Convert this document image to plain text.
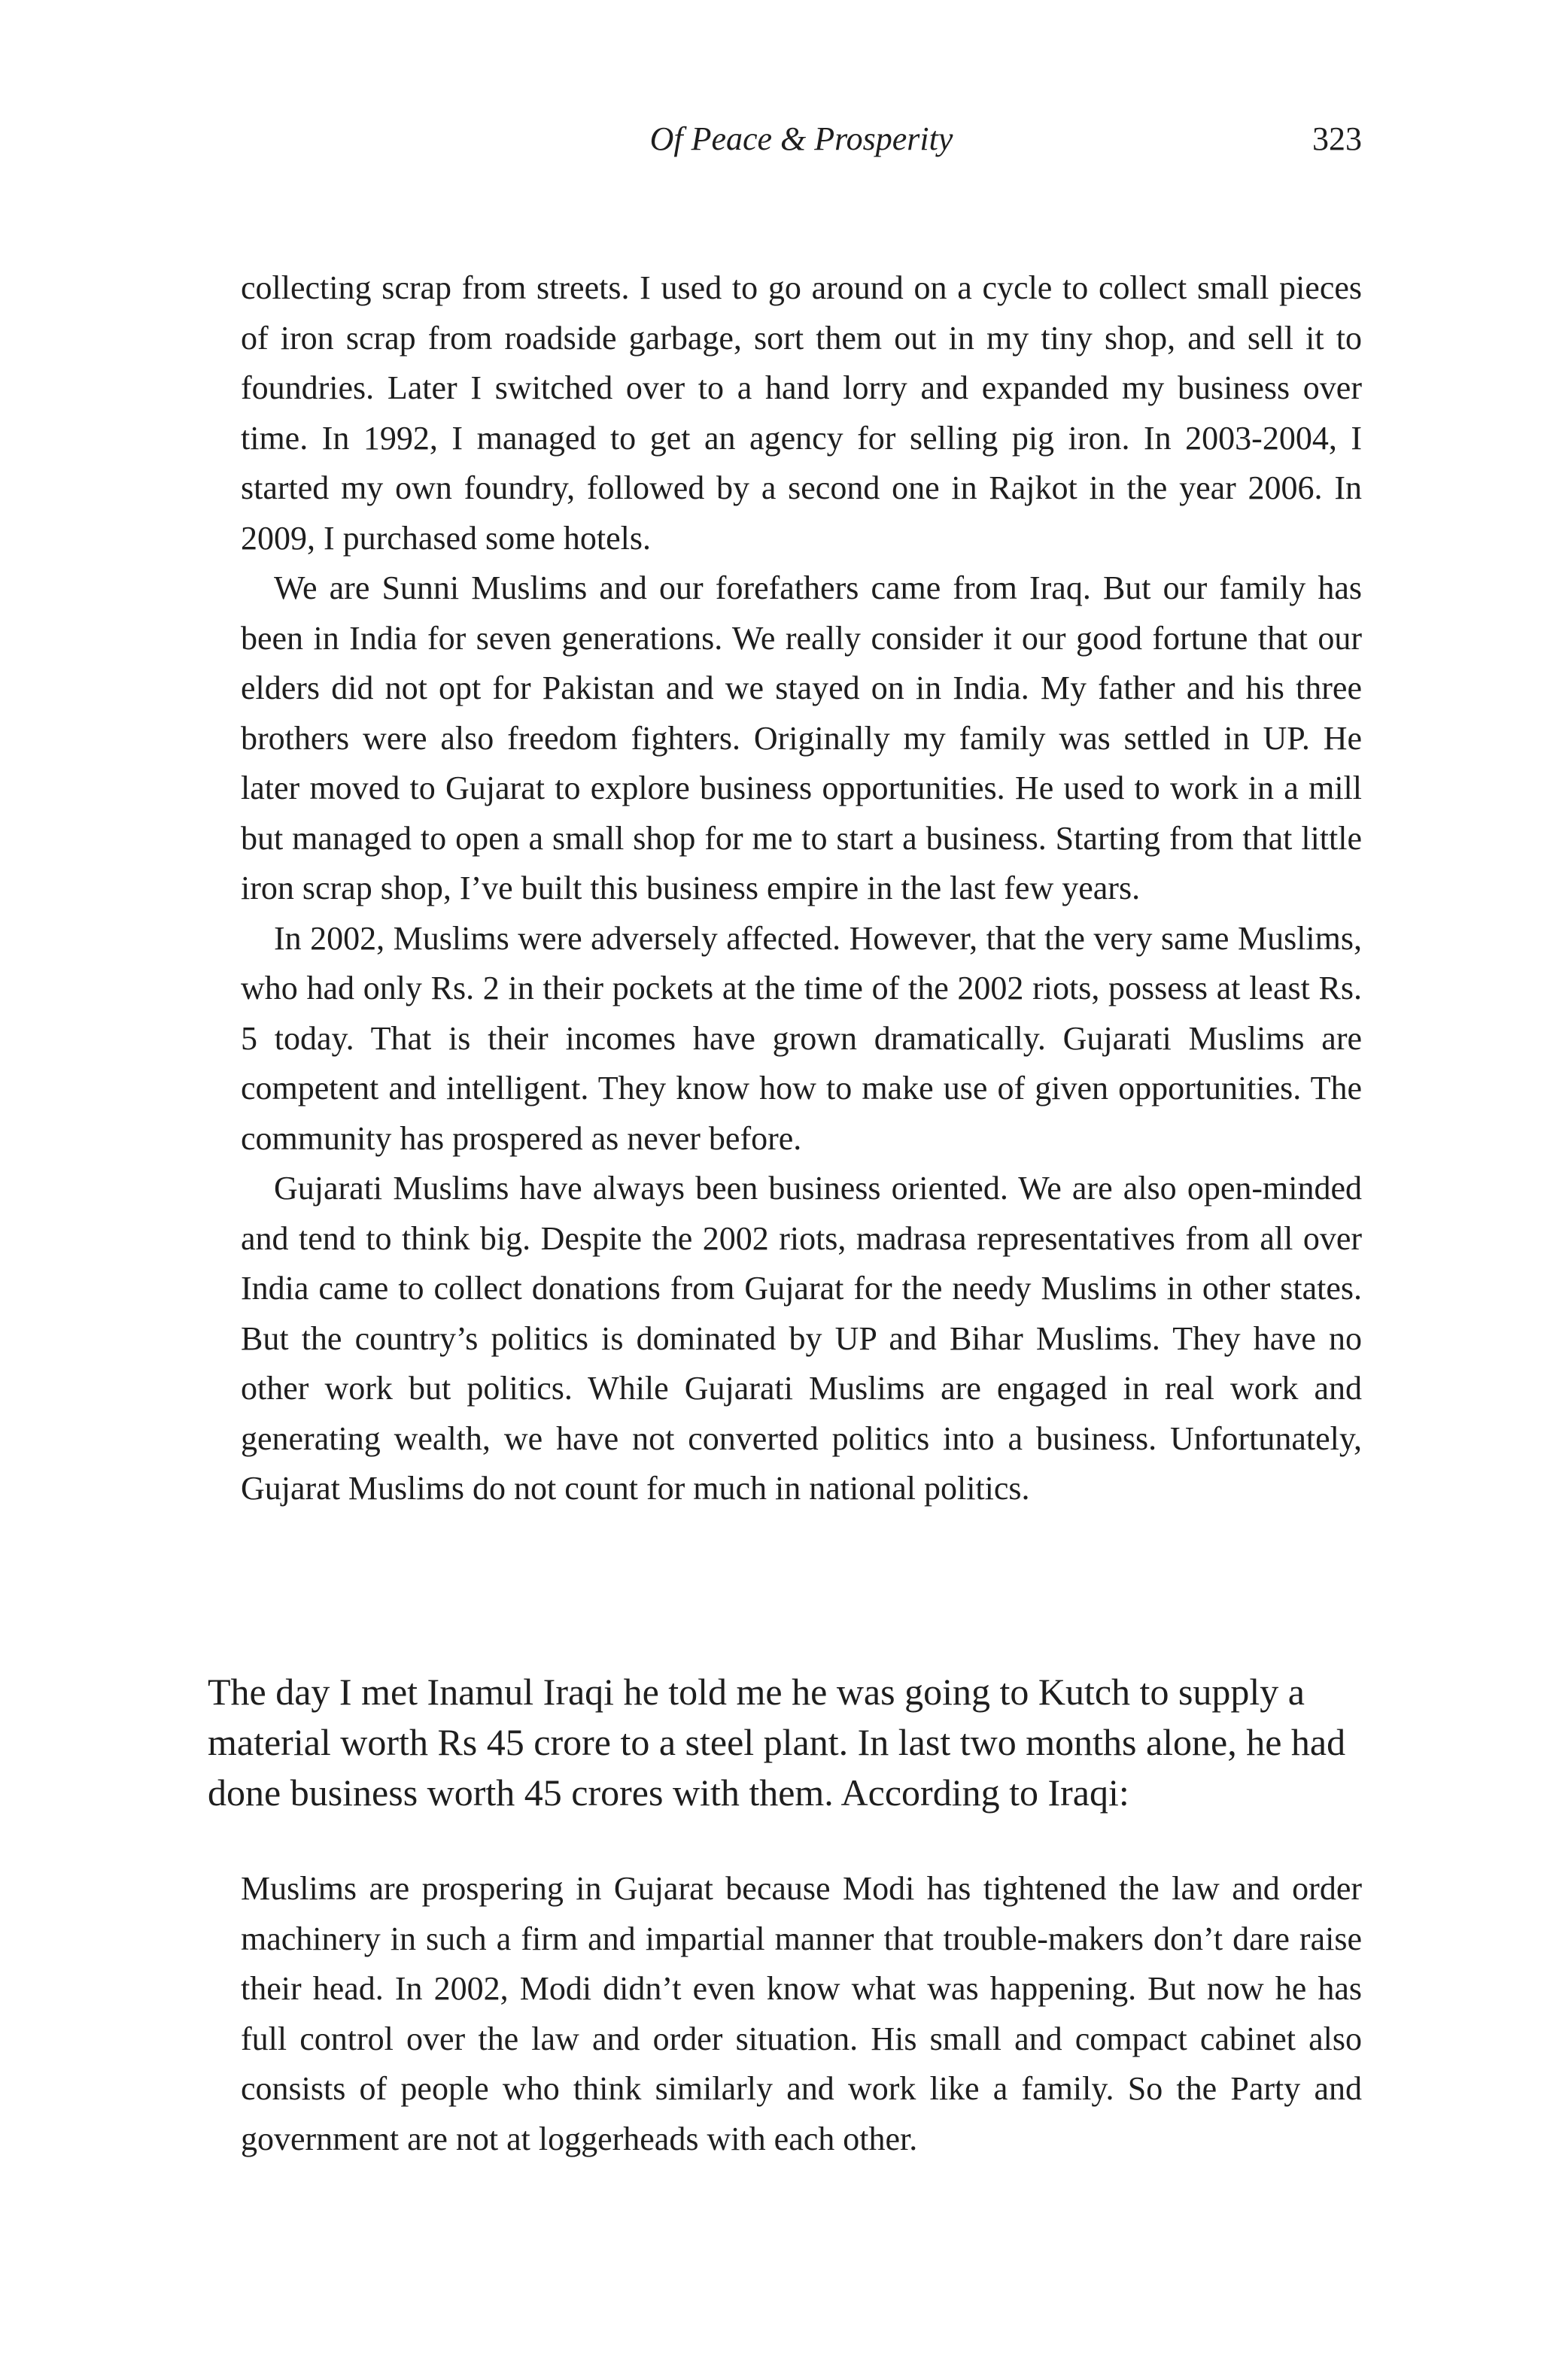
Of Peace & Prosperity	323

collecting scrap from streets. I used to go around on a cycle to collect small pieces of iron scrap from roadside garbage, sort them out in my tiny shop, and sell it to foundries. Later I switched over to a hand lorry and expanded my business over time. In 1992, I managed to get an agency for selling pig iron. In 2003-2004, I started my own foundry, followed by a second one in Rajkot in the year 2006. In 2009, I purchased some hotels.

We are Sunni Muslims and our forefathers came from Iraq. But our family has been in India for seven generations. We really consider it our good fortune that our elders did not opt for Pakistan and we stayed on in India. My father and his three brothers were also freedom fighters. Originally my family was settled in UP. He later moved to Gujarat to explore business opportunities. He used to work in a mill but managed to open a small shop for me to start a business. Starting from that little iron scrap shop, I’ve built this business empire in the last few years.

In 2002, Muslims were adversely affected. However, that the very same Muslims, who had only Rs. 2 in their pockets at the time of the 2002 riots, possess at least Rs. 5 today. That is their incomes have grown dramatically. Gujarati Muslims are competent and intelligent. They know how to make use of given opportunities. The community has prospered as never before.

Gujarati Muslims have always been business oriented. We are also open-minded and tend to think big. Despite the 2002 riots, madrasa representatives from all over India came to collect donations from Gujarat for the needy Muslims in other states. But the country’s politics is dominated by UP and Bihar Muslims. They have no other work but politics. While Gujarati Muslims are engaged in real work and generating wealth, we have not converted politics into a business. Unfortunately, Gujarat Muslims do not count for much in national politics.

The day I met Inamul Iraqi he told me he was going to Kutch to supply a material worth Rs 45 crore to a steel plant. In last two months alone, he had done business worth 45 crores with them. According to Iraqi:

Muslims are prospering in Gujarat because Modi has tightened the law and order machinery in such a firm and impartial manner that trouble-makers don’t dare raise their head. In 2002, Modi didn’t even know what was happening. But now he has full control over the law and order situation. His small and compact cabinet also consists of people who think similarly and work like a family. So the Party and government are not at loggerheads with each other.
